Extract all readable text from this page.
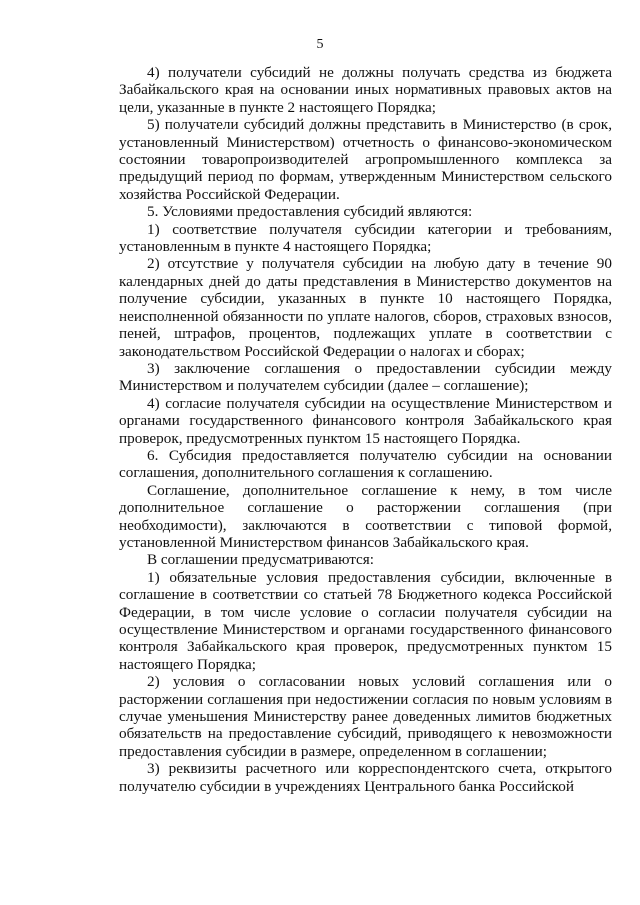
5

4) получатели субсидий не должны получать средства из бюджета Забайкальского края на основании иных нормативных правовых актов на цели, указанные в пункте 2 настоящего Порядка;

5) получатели субсидий должны представить в Министерство (в срок, установленный Министерством) отчетность о финансово-экономическом состоянии товаропроизводителей агропромышленного комплекса за предыдущий период по формам, утвержденным Министерством сельского хозяйства Российской Федерации.

5. Условиями предоставления субсидий являются:

1) соответствие получателя субсидии категории и требованиям, установленным в пункте 4 настоящего Порядка;

2) отсутствие у получателя субсидии на любую дату в течение 90 календарных дней до даты представления в Министерство документов на получение субсидии, указанных в пункте 10 настоящего Порядка, неисполненной обязанности по уплате налогов, сборов, страховых взносов, пеней, штрафов, процентов, подлежащих уплате в соответствии с законодательством Российской Федерации о налогах и сборах;

3) заключение соглашения о предоставлении субсидии между Министерством и получателем субсидии (далее – соглашение);

4) согласие получателя субсидии на осуществление Министерством и органами государственного финансового контроля Забайкальского края проверок, предусмотренных пунктом 15 настоящего Порядка.

6. Субсидия предоставляется получателю субсидии на основании соглашения, дополнительного соглашения к соглашению.

Соглашение, дополнительное соглашение к нему, в том числе дополнительное соглашение о расторжении соглашения (при необходимости), заключаются в соответствии с типовой формой, установленной Министерством финансов Забайкальского края.

В соглашении предусматриваются:

1) обязательные условия предоставления субсидии, включенные в соглашение в соответствии со статьей 78 Бюджетного кодекса Российской Федерации, в том числе условие о согласии получателя субсидии на осуществление Министерством и органами государственного финансового контроля Забайкальского края проверок, предусмотренных пунктом 15 настоящего Порядка;

2) условия о согласовании новых условий соглашения или о расторжении соглашения при недостижении согласия по новым условиям в случае уменьшения Министерству ранее доведенных лимитов бюджетных обязательств на предоставление субсидий, приводящего к невозможности предоставления субсидии в размере, определенном в соглашении;

3) реквизиты расчетного или корреспондентского счета, открытого получателю субсидии в учреждениях Центрального банка Российской
